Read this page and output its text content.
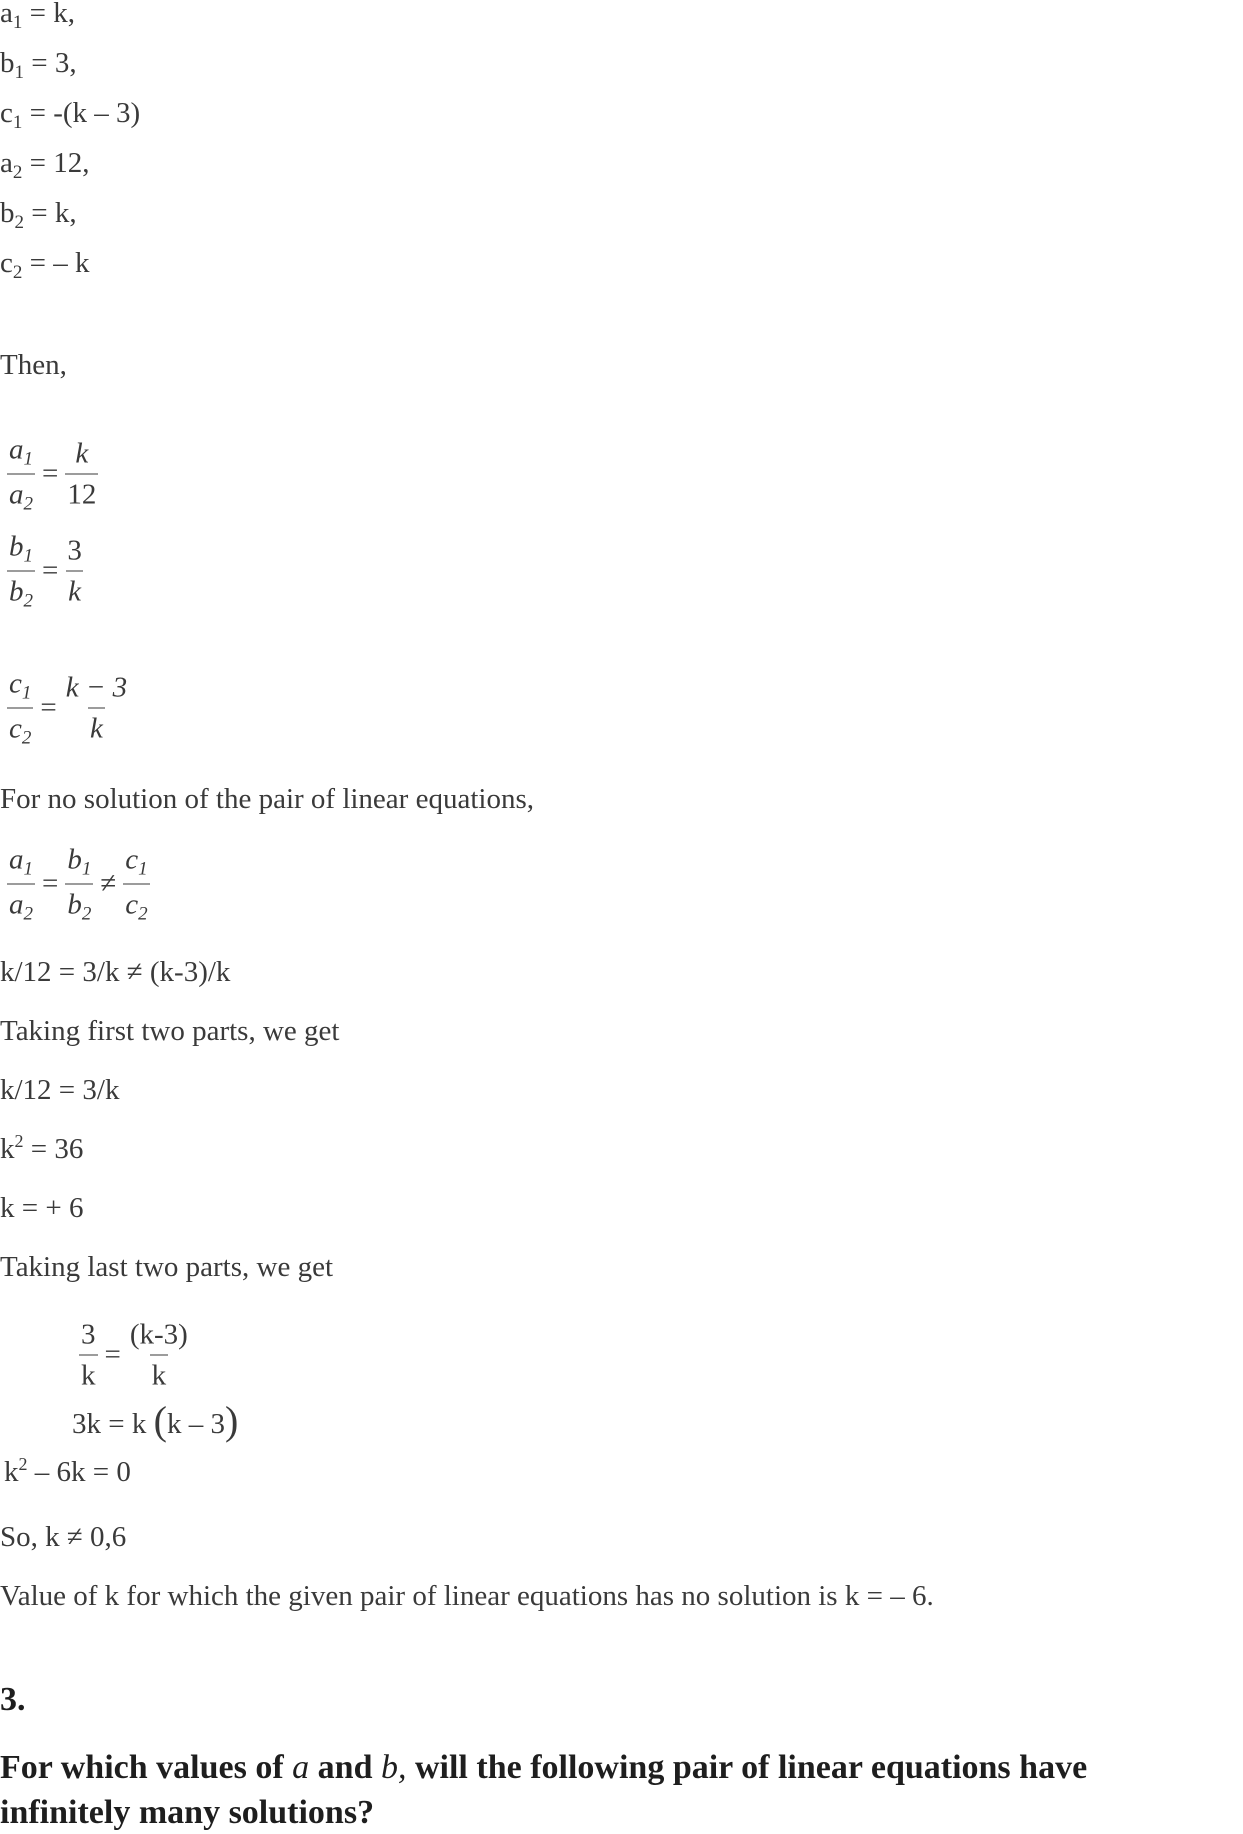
$a_1 = k$,
$b_1 = 3$,
$c_1 = -(k - 3)$
$a_2 = 12$,
$b_2 = k$,
$c_2$ = – k
Then,
$\frac{a_1}{a_2} = \frac{k}{12}$
$\frac{b_1}{b_2} = \frac{3}{k}$
$\frac{c_1}{c_2} = \frac{k - 3}{k}$
For no solution of the pair of linear equations,
$\frac{a_1}{a_2} = \frac{b_1}{b_2} \ne \frac{c_1}{c_2}$
k/12 = 3/k ≠ (k-3)/k
Taking first two parts, we get
k/12 = 3/k
$k^2 = 36$
k = + 6
Taking last two parts, we get
$\frac{3}{k} = \frac{(k-3)}{k}$
3k = k (k – 3)
$k^2 - 6k = 0$
So, k ≠ 0,6
Value of k for which the given pair of linear equations has no solution is k = – 6.
3.
For which values of a and b, will the following pair of linear equations have
infinitely many solutions?
